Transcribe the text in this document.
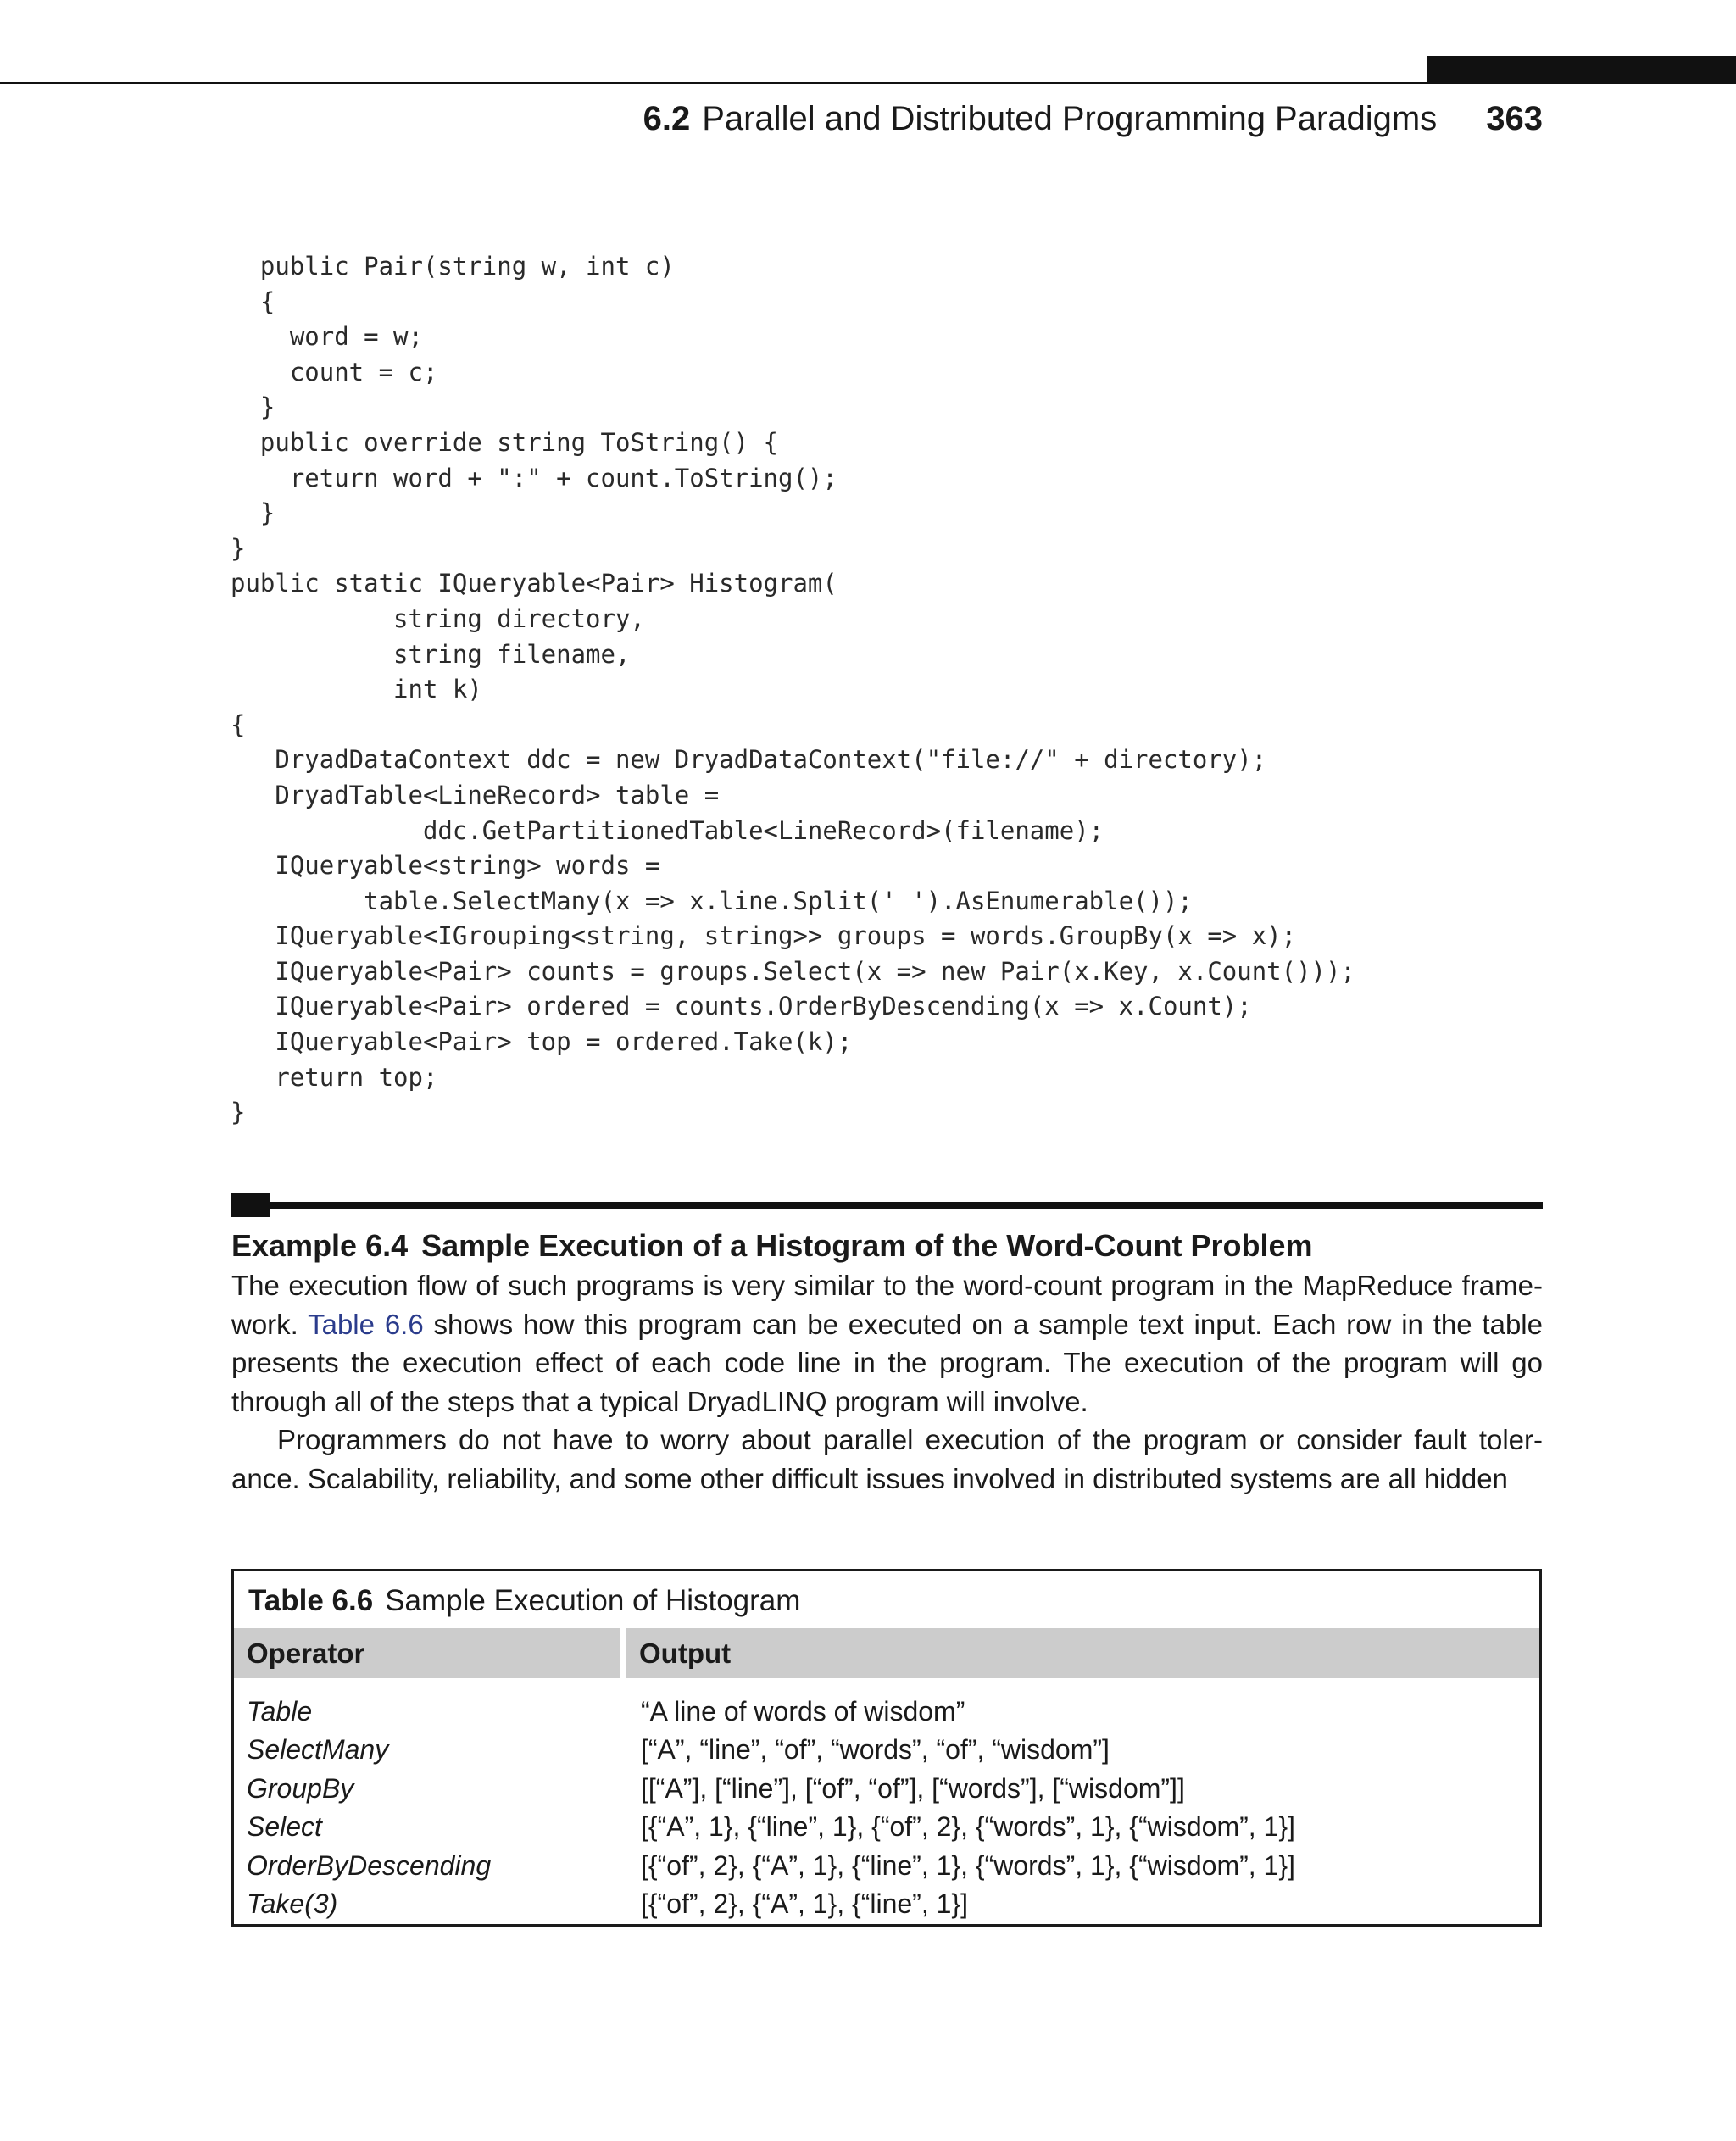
6.2 Parallel and Distributed Programming Paradigms 363
public Pair(string w, int c)
{
word = w;
count = c;
}
public override string ToString() {
return word + ":" + count.ToString();
}
}
public static IQueryable<Pair> Histogram(
string directory,
string filename,
int k)
{
DryadDataContext ddc = new DryadDataContext("file://" + directory);
DryadTable<LineRecord> table =
ddc.GetPartitionedTable<LineRecord>(filename);
IQueryable<string> words =
table.SelectMany(x => x.line.Split(' ').AsEnumerable());
IQueryable<IGrouping<string, string>> groups = words.GroupBy(x => x);
IQueryable<Pair> counts = groups.Select(x => new Pair(x.Key, x.Count()));
IQueryable<Pair> ordered = counts.OrderByDescending(x => x.Count);
IQueryable<Pair> top = ordered.Take(k);
return top;
}
Example 6.4 Sample Execution of a Histogram of the Word-Count Problem
The execution flow of such programs is very similar to the word-count program in the MapReduce frame-work. Table 6.6 shows how this program can be executed on a sample text input. Each row in the table presents the execution effect of each code line in the program. The execution of the program will go through all of the steps that a typical DryadLINQ program will involve.
Programmers do not have to worry about parallel execution of the program or consider fault toler-ance. Scalability, reliability, and some other difficult issues involved in distributed systems are all hidden
Table 6.6 Sample Execution of Histogram
Operator	Output
Table	“A line of words of wisdom”
SelectMany	[“A”, “line”, “of”, “words”, “of”, “wisdom”]
GroupBy	[[“A”], [“line”], [“of”, “of”], [“words”], [“wisdom”]]
Select	[{“A”, 1}, {“line”, 1}, {“of”, 2}, {“words”, 1}, {“wisdom”, 1}]
OrderByDescending	[{“of”, 2}, {“A”, 1}, {“line”, 1}, {“words”, 1}, {“wisdom”, 1}]
Take(3)	[{“of”, 2}, {“A”, 1}, {“line”, 1}]
